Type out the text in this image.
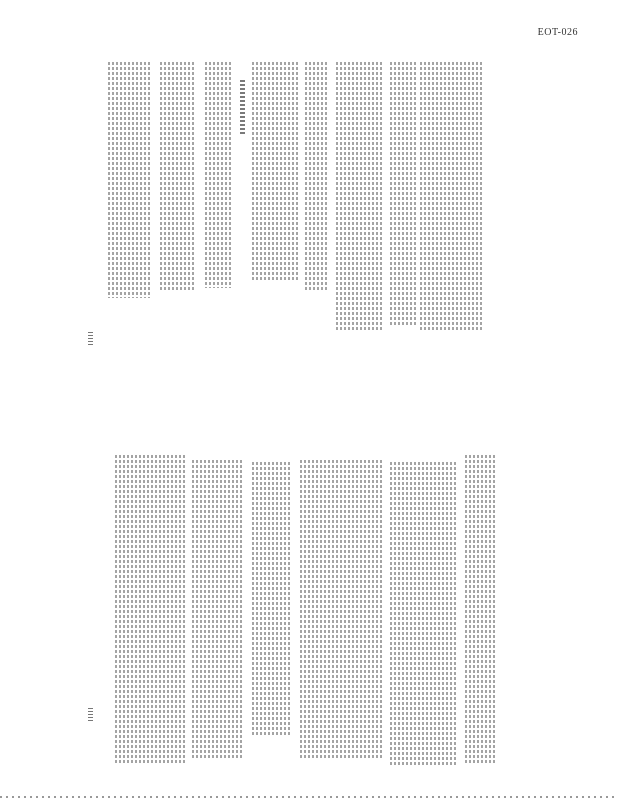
EOT-026
